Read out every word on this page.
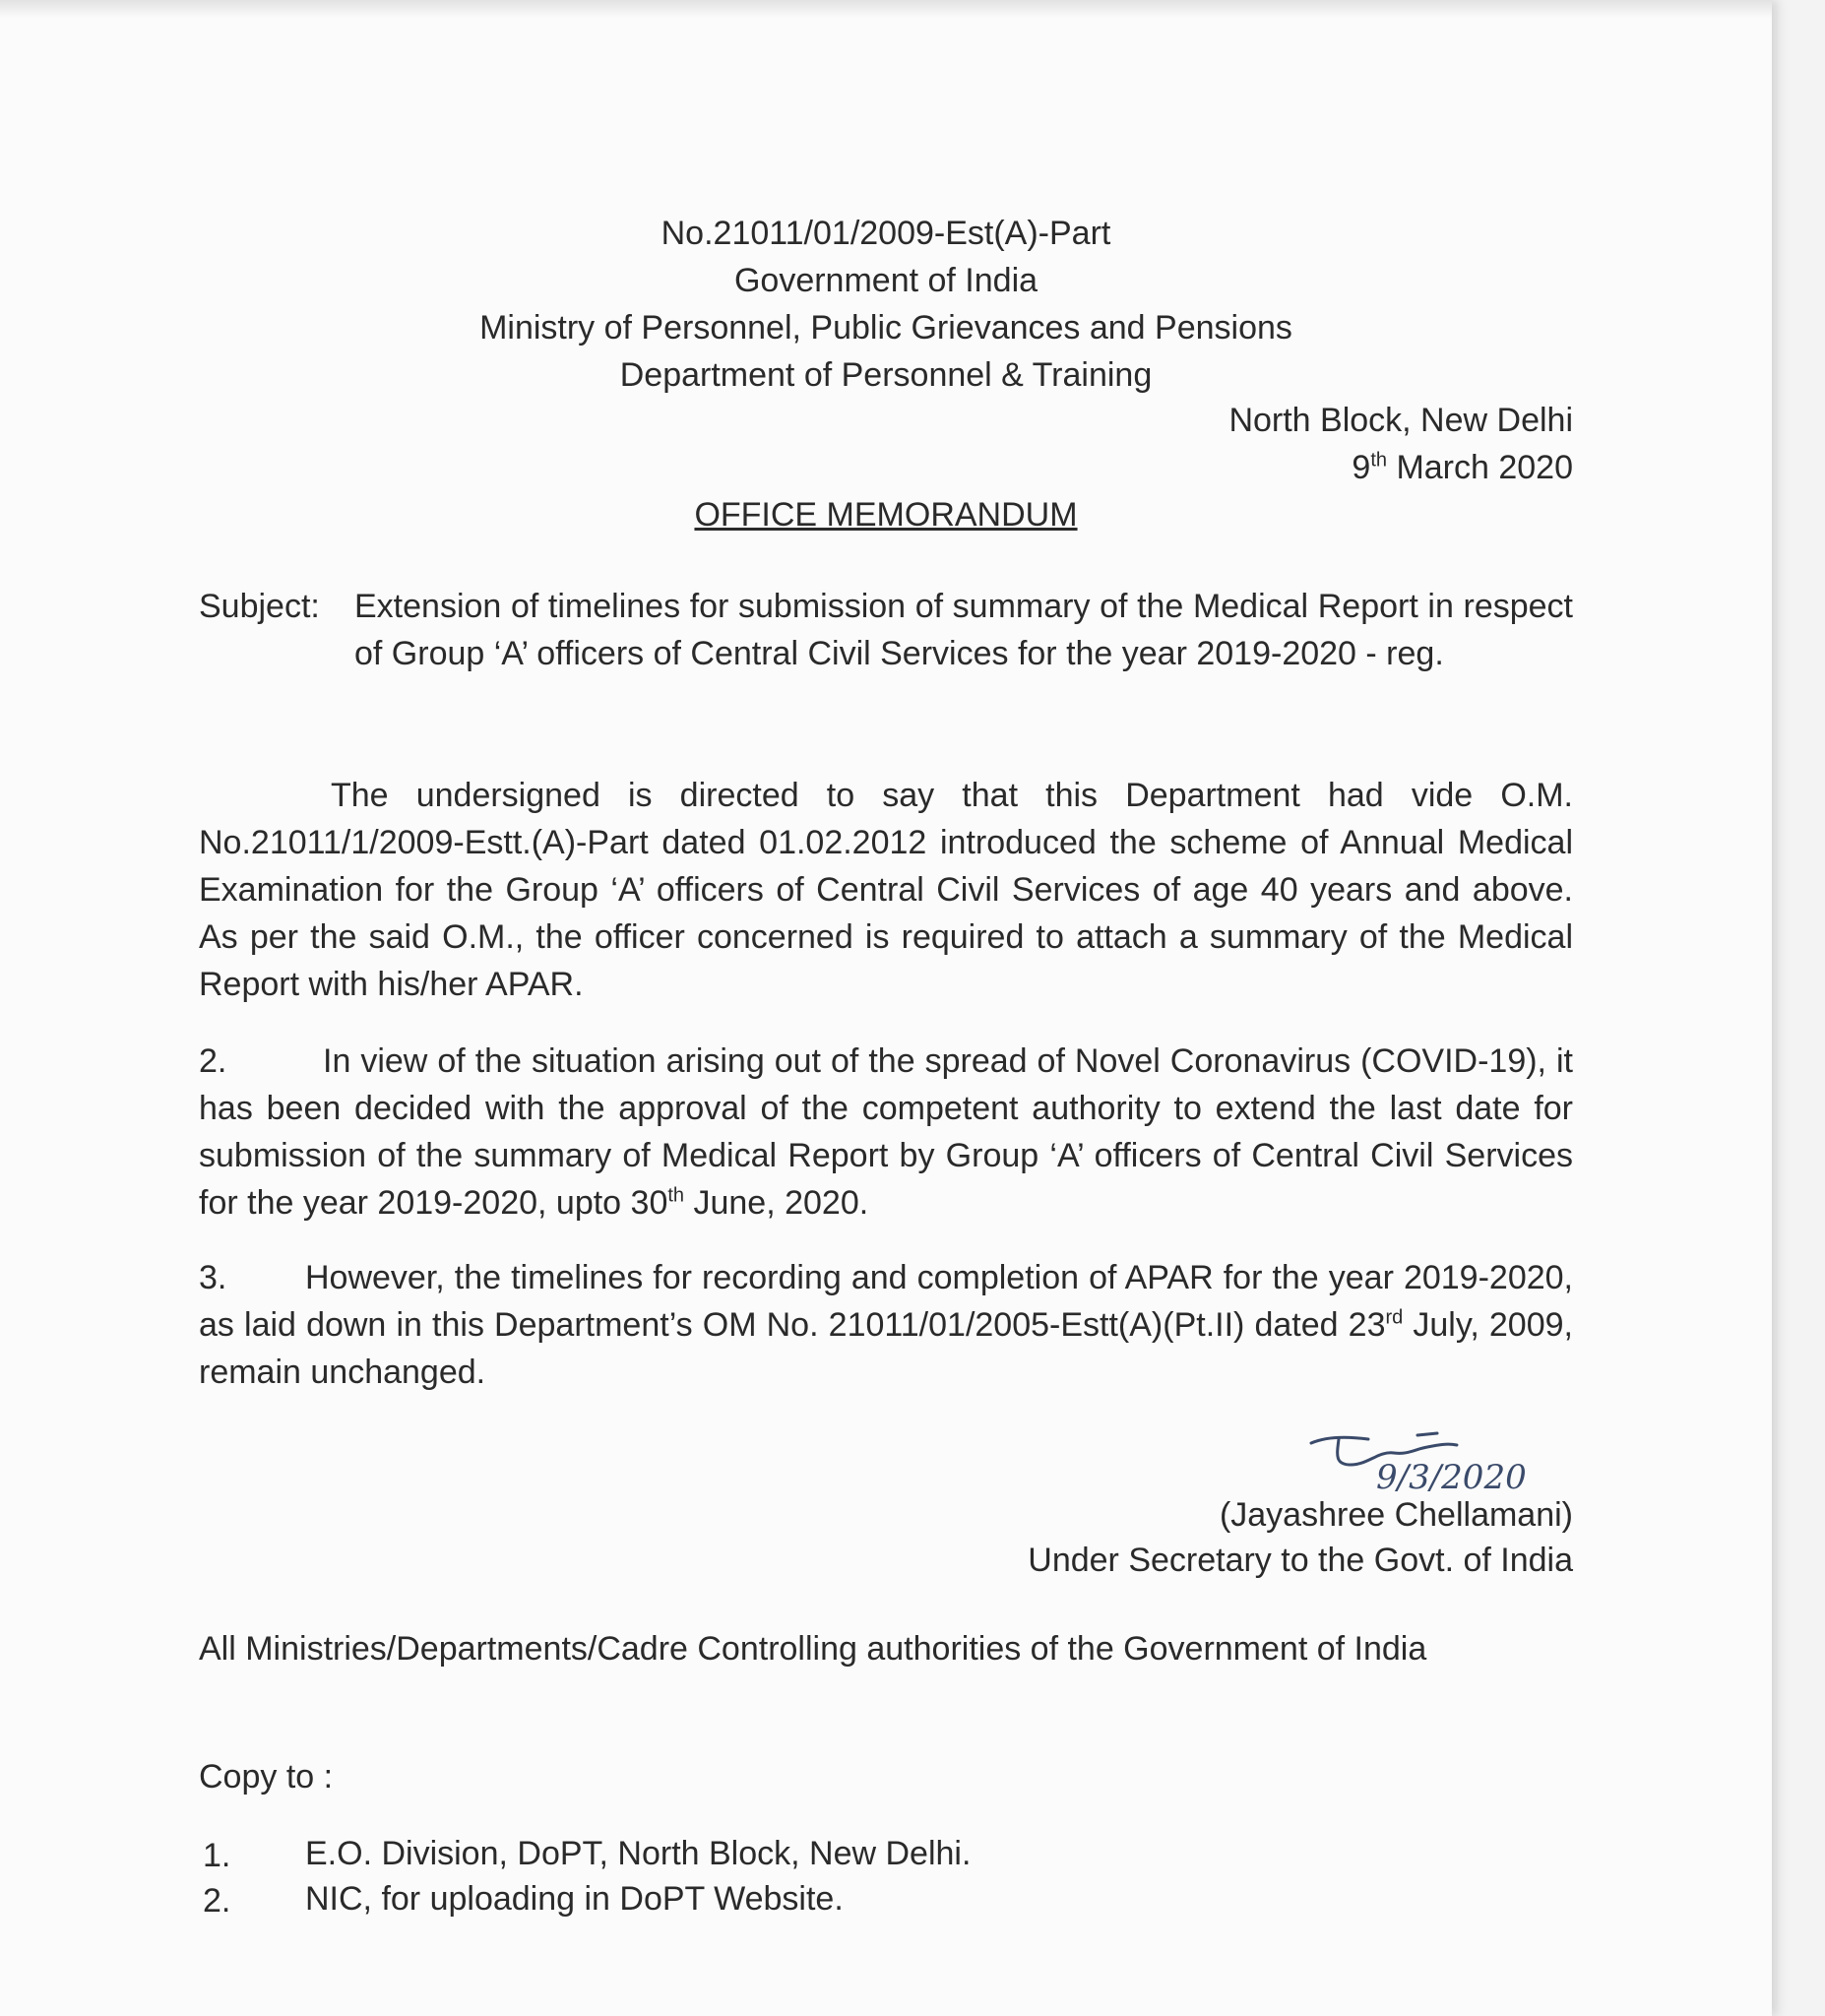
No.21011/01/2009-Est(A)-Part
Government of India
Ministry of Personnel, Public Grievances and Pensions
Department of Personnel & Training
North Block, New Delhi
9th March 2020
OFFICE MEMORANDUM
Subject: Extension of timelines for submission of summary of the Medical Report in respect of Group ‘A’ officers of Central Civil Services for the year 2019-2020 - reg.
The undersigned is directed to say that this Department had vide O.M. No.21011/1/2009-Estt.(A)-Part dated 01.02.2012 introduced the scheme of Annual Medical Examination for the Group ‘A’ officers of Central Civil Services of age 40 years and above. As per the said O.M., the officer concerned is required to attach a summary of the Medical Report with his/her APAR.
2.	In view of the situation arising out of the spread of Novel Coronavirus (COVID-19), it has been decided with the approval of the competent authority to extend the last date for submission of the summary of Medical Report by Group ‘A’ officers of Central Civil Services for the year 2019-2020, upto 30th June, 2020.
3. However, the timelines for recording and completion of APAR for the year 2019-2020, as laid down in this Department’s OM No. 21011/01/2005-Estt(A)(Pt.II) dated 23rd July, 2009, remain unchanged.
9/3/2020
(Jayashree Chellamani)
Under Secretary to the Govt. of India
All Ministries/Departments/Cadre Controlling authorities of the Government of India
Copy to :
1. E.O. Division, DoPT, North Block, New Delhi.
2. NIC, for uploading in DoPT Website.
